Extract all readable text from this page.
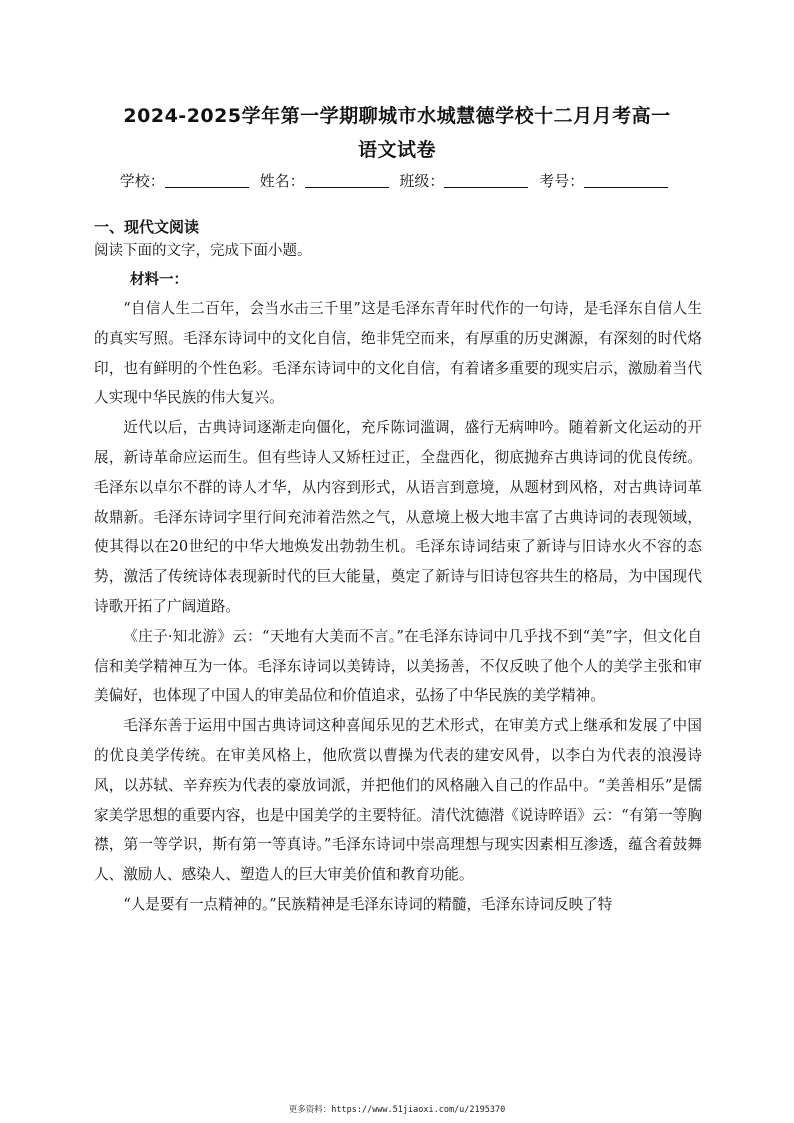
2024-2025学年第一学期聊城市水城慧德学校十二月月考高一
语文试卷
学校：	姓名：	班级：	考号：
一、现代文阅读
阅读下面的文字，完成下面小题。
材料一：

“自信人生二百年，会当水击三千里”这是毛泽东青年时代作的一句诗，是毛泽东自信人生的真实写照。毛泽东诗词中的文化自信，绝非凭空而来，有厚重的历史渊源，有深刻的时代烙印，也有鲜明的个性色彩。毛泽东诗词中的文化自信，有着诸多重要的现实启示，激励着当代人实现中华民族的伟大复兴。

近代以后，古典诗词逐渐走向僵化，充斥陈词滥调，盛行无病呻吟。随着新文化运动的开展，新诗革命应运而生。但有些诗人又矫枉过正，全盘西化，彻底抛弃古典诗词的优良传统。毛泽东以卓尔不群的诗人才华，从内容到形式，从语言到意境，从题材到风格，对古典诗词革故鼎新。毛泽东诗词字里行间充沛着浩然之气，从意境上极大地丰富了古典诗词的表现领域，使其得以在20世纪的中华大地焕发出勃勃生机。毛泽东诗词结束了新诗与旧诗水火不容的态势，激活了传统诗体表现新时代的巨大能量，奠定了新诗与旧诗包容共生的格局，为中国现代诗歌开拓了广阔道路。

《庄子·知北游》云：“天地有大美而不言。”在毛泽东诗词中几乎找不到“美”字，但文化自信和美学精神互为一体。毛泽东诗词以美铸诗，以美扬善，不仅反映了他个人的美学主张和审美偏好，也体现了中国人的审美品位和价值追求，弘扬了中华民族的美学精神。

毛泽东善于运用中国古典诗词这种喜闻乐见的艺术形式，在审美方式上继承和发展了中国的优良美学传统。在审美风格上，他欣赏以曹操为代表的建安风骨，以李白为代表的浪漫诗风，以苏轼、辛弃疾为代表的豪放词派，并把他们的风格融入自己的作品中。“美善相乐”是儒家美学思想的重要内容，也是中国美学的主要特征。清代沈德潜《说诗晬语》云：“有第一等胸襟，第一等学识，斯有第一等真诗。”毛泽东诗词中崇高理想与现实因素相互渗透，蕴含着鼓舞人、激励人、感染人、塑造人的巨大审美价值和教育功能。

“人是要有一点精神的。”民族精神是毛泽东诗词的精髓，毛泽东诗词反映了特

更多资料：https://www.51jiaoxi.com/u/2195370
